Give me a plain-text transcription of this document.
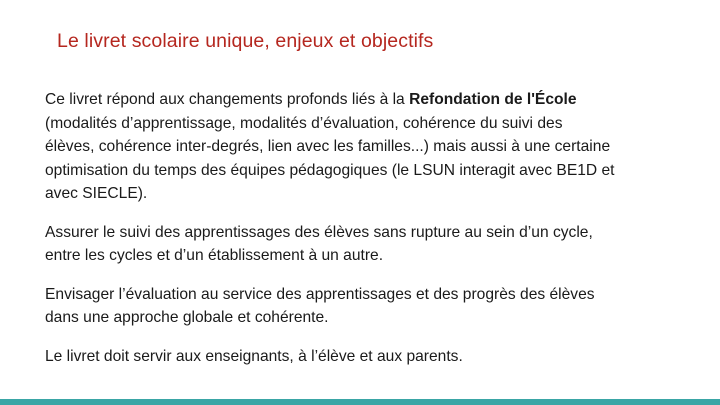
Le livret scolaire unique, enjeux et objectifs

Ce livret répond aux changements profonds liés à la Refondation de l'École
(modalités d’apprentissage, modalités d’évaluation, cohérence du suivi des
élèves, cohérence inter-degrés, lien avec les familles...) mais aussi à une certaine
optimisation du temps des équipes pédagogiques (le LSUN interagit avec BE1D et
avec SIECLE).

Assurer le suivi des apprentissages des élèves sans rupture au sein d’un cycle,
entre les cycles et d’un établissement à un autre.

Envisager l’évaluation au service des apprentissages et des progrès des élèves
dans une approche globale et cohérente.

Le livret doit servir aux enseignants, à l’élève et aux parents.
